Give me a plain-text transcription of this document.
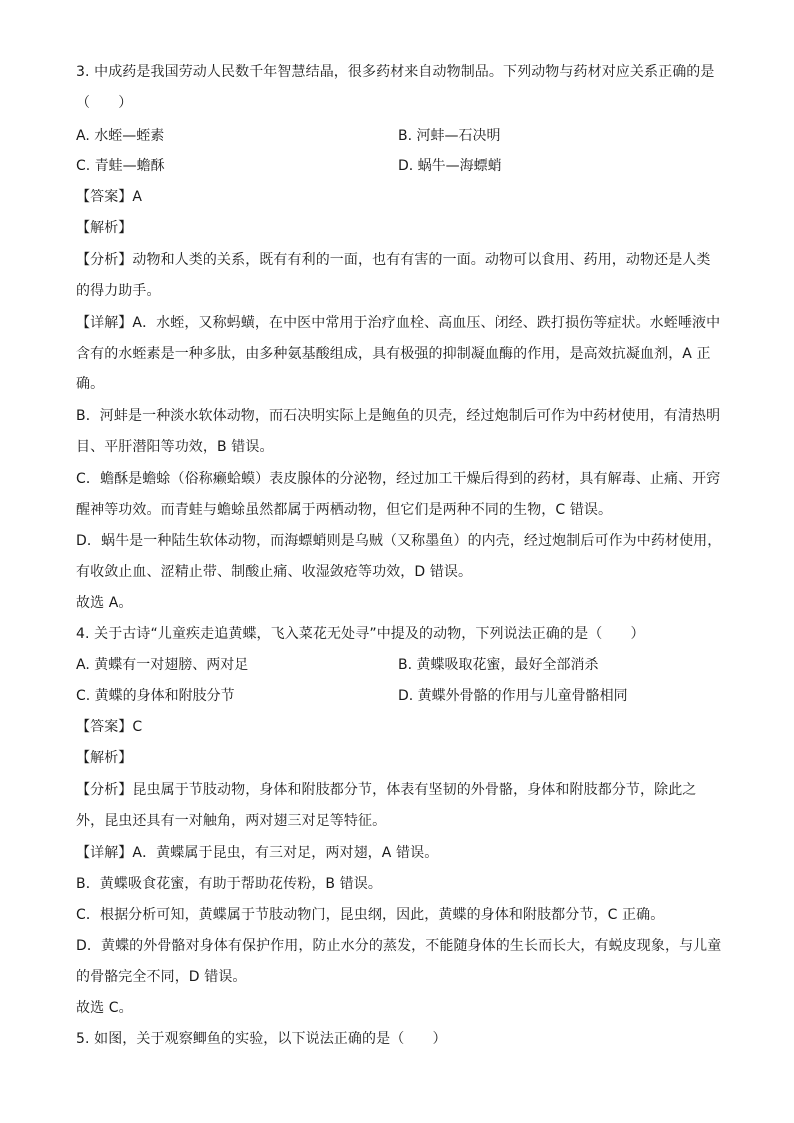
3. 中成药是我国劳动人民数千年智慧结晶，很多药材来自动物制品。下列动物与药材对应关系正确的是
（　　）
A. 水蛭—蛭素	B. 河蚌—石决明
C. 青蛙—蟾酥	D. 蜗牛—海螵蛸
【答案】A
【解析】
【分析】动物和人类的关系，既有有利的一面，也有有害的一面。动物可以食用、药用，动物还是人类
的得力助手。
【详解】A．水蛭，又称蚂蟥，在中医中常用于治疗血栓、高血压、闭经、跌打损伤等症状。水蛭唾液中
含有的水蛭素是一种多肽，由多种氨基酸组成，具有极强的抑制凝血酶的作用，是高效抗凝血剂，A 正
确。
B．河蚌是一种淡水软体动物，而石决明实际上是鲍鱼的贝壳，经过炮制后可作为中药材使用，有清热明
目、平肝潜阳等功效，B 错误。
C．蟾酥是蟾蜍（俗称癞蛤蟆）表皮腺体的分泌物，经过加工干燥后得到的药材，具有解毒、止痛、开窍
醒神等功效。而青蛙与蟾蜍虽然都属于两栖动物，但它们是两种不同的生物，C 错误。
D．蜗牛是一种陆生软体动物，而海螵蛸则是乌贼（又称墨鱼）的内壳，经过炮制后可作为中药材使用，
有收敛止血、涩精止带、制酸止痛、收湿敛疮等功效，D 错误。
故选 A。
4. 关于古诗“儿童疾走追黄蝶，飞入菜花无处寻”中提及的动物，下列说法正确的是（　　）
A. 黄蝶有一对翅膀、两对足	B. 黄蝶吸取花蜜，最好全部消杀
C. 黄蝶的身体和附肢分节	D. 黄蝶外骨骼的作用与儿童骨骼相同
【答案】C
【解析】
【分析】昆虫属于节肢动物，身体和附肢都分节，体表有坚韧的外骨骼，身体和附肢都分节，除此之
外，昆虫还具有一对触角，两对翅三对足等特征。
【详解】A．黄蝶属于昆虫，有三对足，两对翅，A 错误。
B．黄蝶吸食花蜜，有助于帮助花传粉，B 错误。
C．根据分析可知，黄蝶属于节肢动物门，昆虫纲，因此，黄蝶的身体和附肢都分节，C 正确。
D．黄蝶的外骨骼对身体有保护作用，防止水分的蒸发，不能随身体的生长而长大，有蜕皮现象，与儿童
的骨骼完全不同，D 错误。
故选 C。
5. 如图，关于观察鲫鱼的实验，以下说法正确的是（　　）
